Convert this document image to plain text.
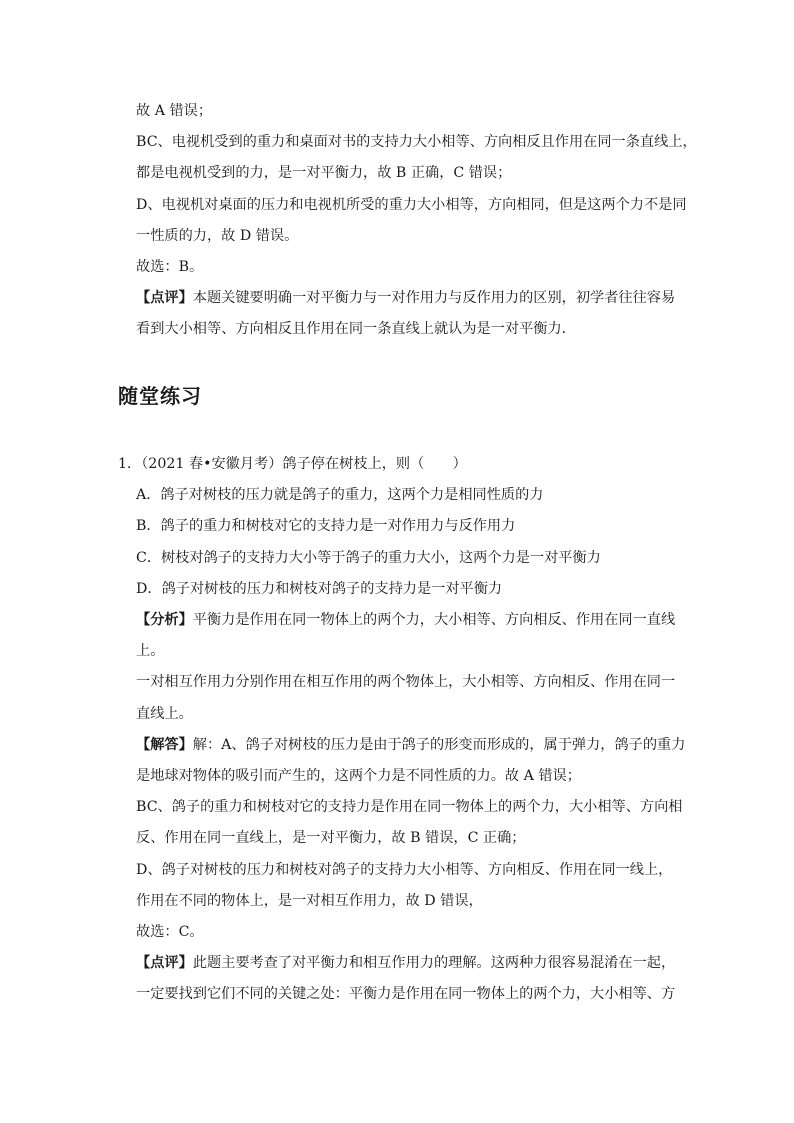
故 A 错误；

BC、电视机受到的重力和桌面对书的支持力大小相等、方向相反且作用在同一条直线上，

都是电视机受到的力，是一对平衡力，故 B 正确，C 错误；

D、电视机对桌面的压力和电视机所受的重力大小相等，方向相同，但是这两个力不是同

一性质的力，故 D 错误。

故选：B。

【点评】本题关键要明确一对平衡力与一对作用力与反作用力的区别，初学者往往容易

看到大小相等、方向相反且作用在同一条直线上就认为是一对平衡力．

随堂练习

1．（2021 春•安徽月考）鸽子停在树枝上，则（　　）

A．鸽子对树枝的压力就是鸽子的重力，这两个力是相同性质的力

B．鸽子的重力和树枝对它的支持力是一对作用力与反作用力

C．树枝对鸽子的支持力大小等于鸽子的重力大小，这两个力是一对平衡力

D．鸽子对树枝的压力和树枝对鸽子的支持力是一对平衡力

【分析】平衡力是作用在同一物体上的两个力，大小相等、方向相反、作用在同一直线

上。

一对相互作用力分别作用在相互作用的两个物体上，大小相等、方向相反、作用在同一

直线上。

【解答】解：A、鸽子对树枝的压力是由于鸽子的形变而形成的，属于弹力，鸽子的重力

是地球对物体的吸引而产生的，这两个力是不同性质的力。故 A 错误；

BC、鸽子的重力和树枝对它的支持力是作用在同一物体上的两个力，大小相等、方向相

反、作用在同一直线上，是一对平衡力，故 B 错误，C 正确；

D、鸽子对树枝的压力和树枝对鸽子的支持力大小相等、方向相反、作用在同一线上，

作用在不同的物体上，是一对相互作用力，故 D 错误，

故选：C。

【点评】此题主要考查了对平衡力和相互作用力的理解。这两种力很容易混淆在一起，

一定要找到它们不同的关键之处：平衡力是作用在同一物体上的两个力，大小相等、方
